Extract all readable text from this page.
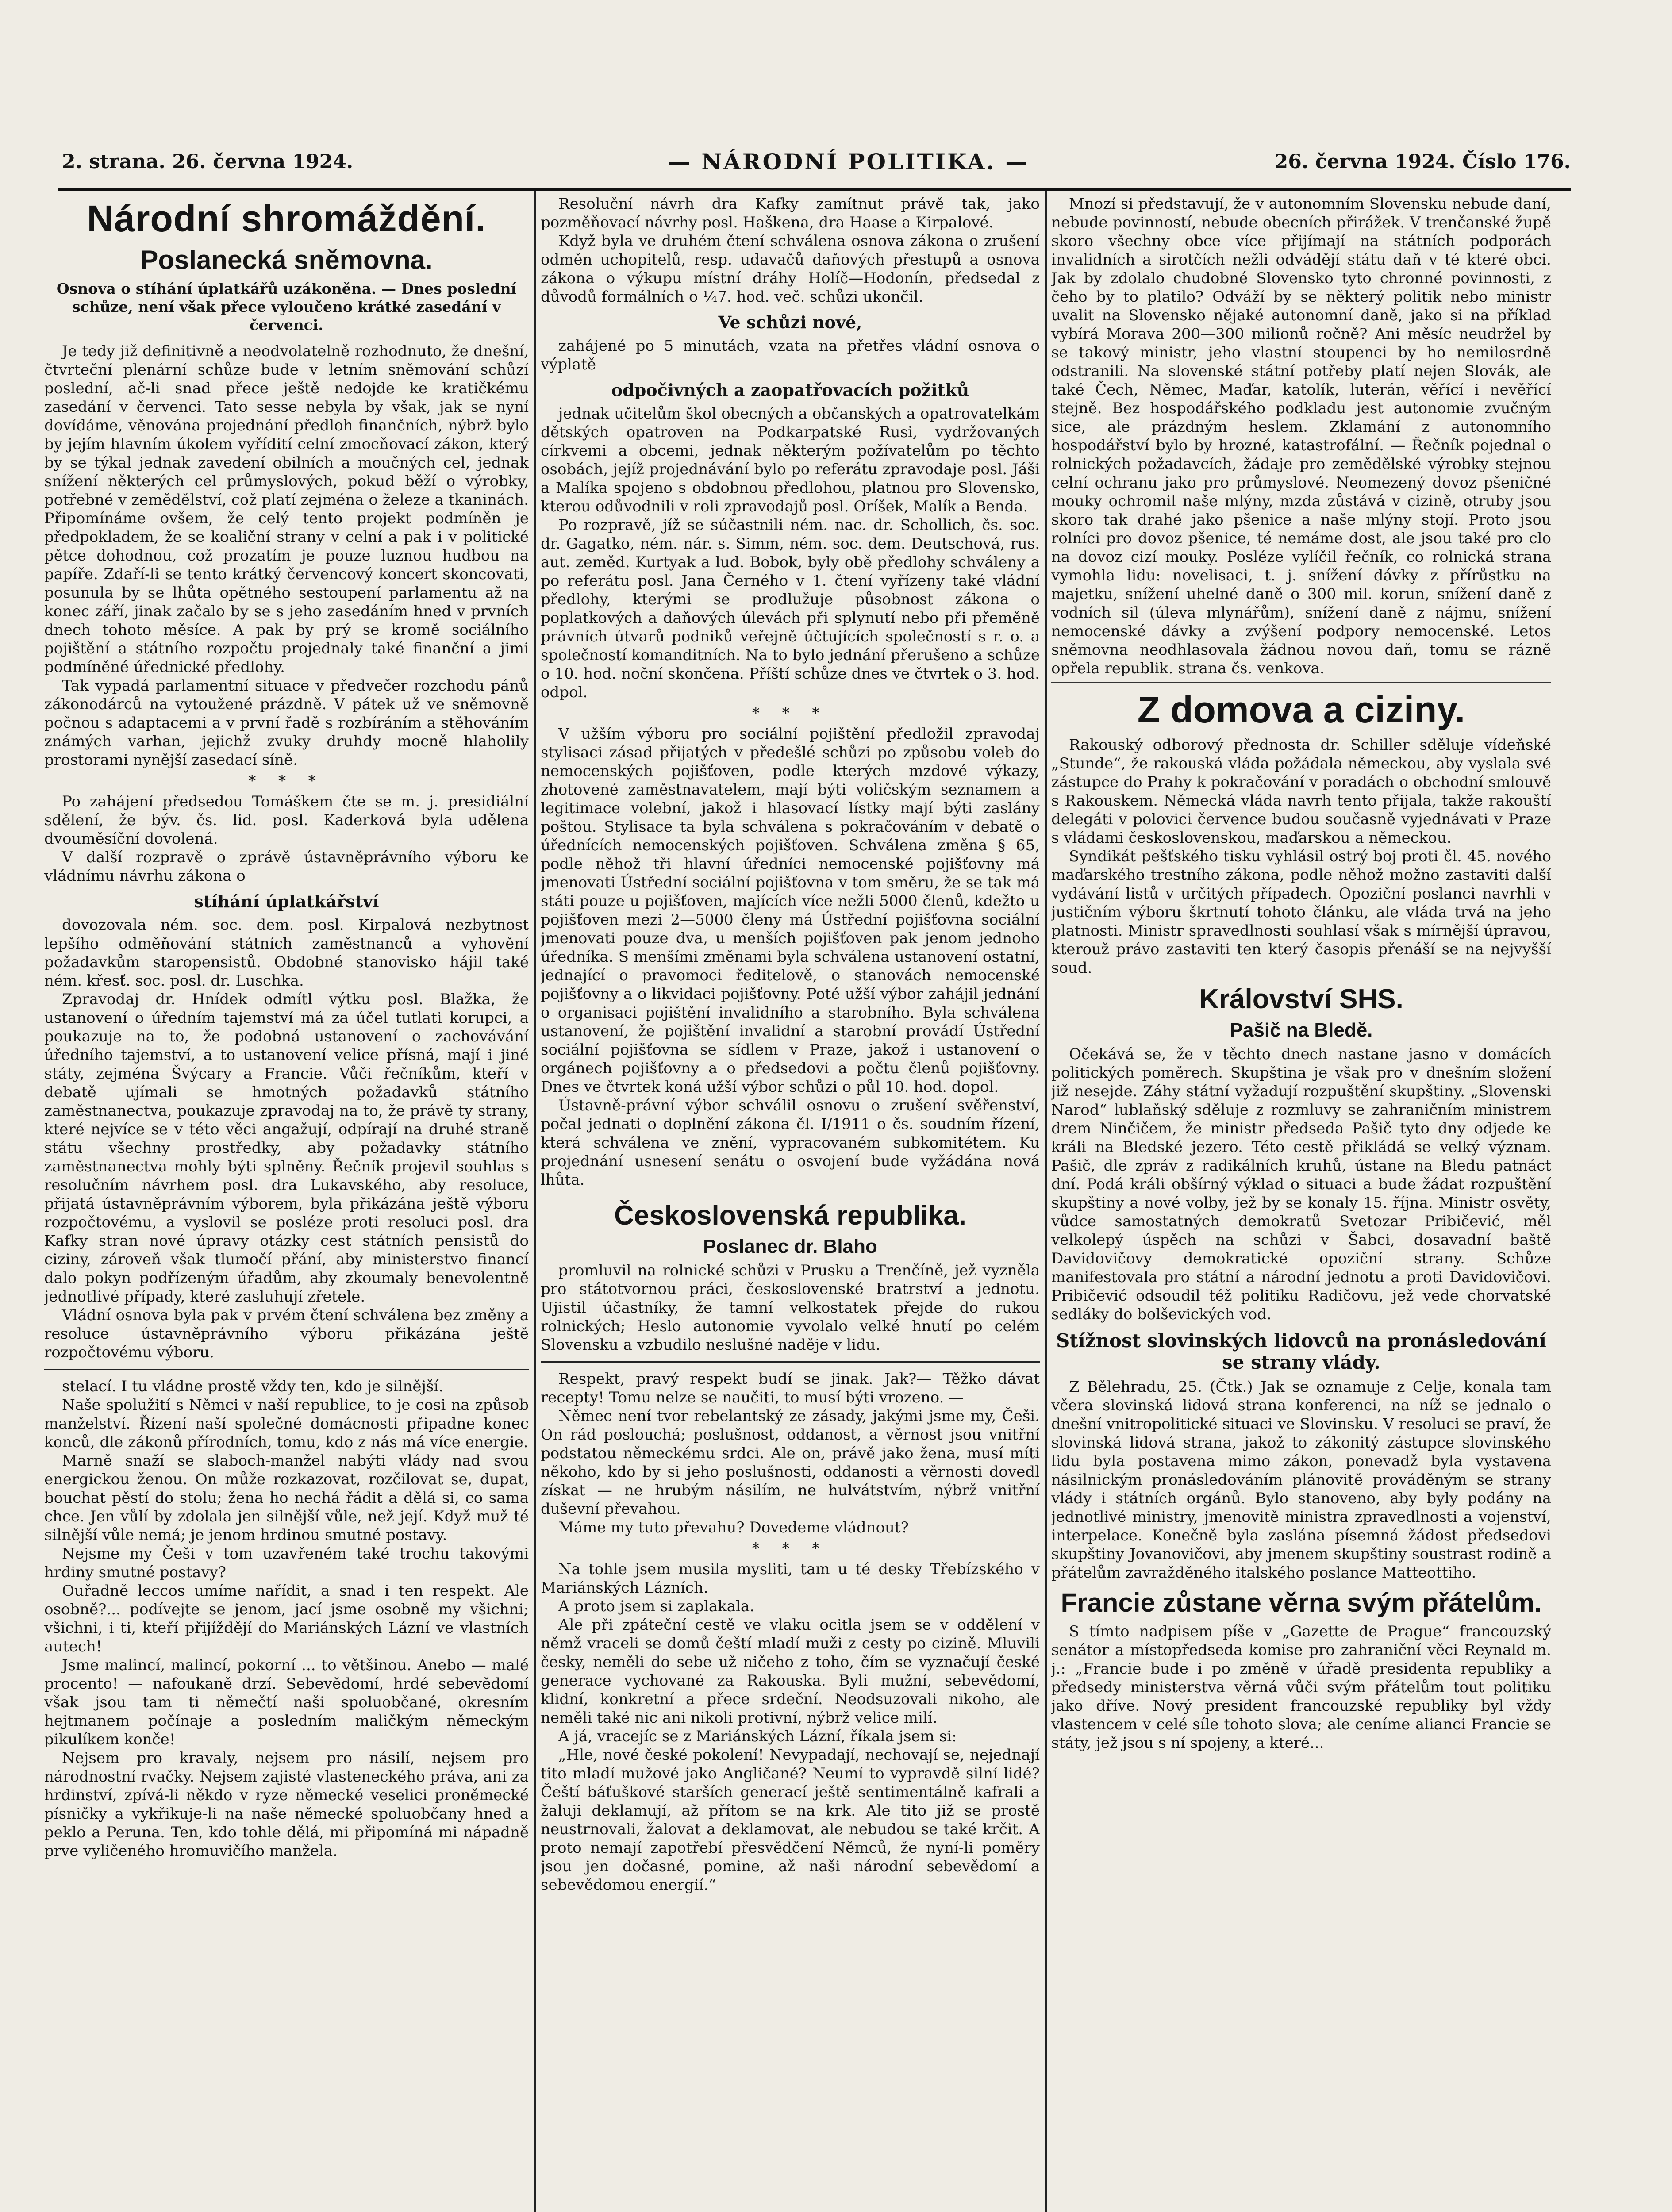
2. strana. 26. června 1924.	— NÁRODNÍ POLITIKA. —	26. června 1924. Číslo 176.
Národní shromáždění.
Poslanecká sněmovna.
Osnova o stíhání úplatkářů uzákoněna. — Dnes poslední schůze, není však přece vyloučeno krátké zasedání v červenci.

Je tedy již definitivně a neodvolatelně rozhodnuto, že dnešní, čtvrteční plenární schůze bude v letním sněmování schůzí poslední, ač-li snad přece ještě nedojde ke kratičkému zasedání v červenci. Tato sesse nebyla by však, jak se nyní dovídáme, věnována projednání předloh finančních, nýbrž bylo by jejím hlavním úkolem vyřídití celní zmocňovací zákon, který by se týkal jednak zavedení obilních a moučných cel, jednak snížení některých cel průmyslových, pokud běží o výrobky, potřebné v zemědělství, což platí zejména o železe a tkaninách. Připomínáme ovšem, že celý tento projekt podmíněn je předpokladem, že se koaliční strany v celní a pak i v politické pětce dohodnou, což prozatím je pouze luznou hudbou na papíře. Zdaří-li se tento krátký červencový koncert skoncovati, posunula by se lhůta opětného sestoupení parlamentu až na konec září, jinak začalo by se s jeho zasedáním hned v prvních dnech tohoto měsíce. A pak by prý se kromě sociálního pojištění a státního rozpočtu projednaly také finanční a jimi podmíněné úřednické předlohy.

Tak vypadá parlamentní situace v předvečer rozchodu pánů zákonodárců na vytoužené prázdně. V pátek už ve sněmovně počnou s adaptacemi a v první řadě s rozbíráním a stěhováním známých varhan, jejichž zvuky druhdy mocně hlaholily prostorami nynější zasedací síně.

* * *

Po zahájení předsedou Tomáškem čte se m. j. presidiální sdělení, že býv. čs. lid. posl. Kaderková byla udělena dvouměsíční dovolená.

V další rozpravě o zprávě ústavněprávního výboru ke vládnímu návrhu zákona o

stíhání úplatkářství

dovozovala ném. soc. dem. posl. Kirpalová nezbytnost lepšího odměňování státních zaměstnanců a vyhovění požadavkům staropensistů. Obdobné stanovisko hájil také ném. křesť. soc. posl. dr. Luschka.

Zpravodaj dr. Hnídek odmítl výtku posl. Blažka, že ustanovení o úředním tajemství má za účel tutlati korupci, a poukazuje na to, že podobná ustanovení o zachovávání úředního tajemství, a to ustanovení velice přísná, mají i jiné státy, zejména Švýcary a Francie. Vůči řečníkům, kteří v debatě ujímali se hmotných požadavků státního zaměstnanectva, poukazuje zpravodaj na to, že právě ty strany, které nejvíce se v této věci angažují, odpírají na druhé straně státu všechny prostředky, aby požadavky státního zaměstnanectva mohly býti splněny. Řečník projevil souhlas s resolučním návrhem posl. dra Lukavského, aby resoluce, přijatá ústavněprávním výborem, byla přikázána ještě výboru rozpočtovému, a vyslovil se posléze proti resoluci posl. dra Kafky stran nové úpravy otázky cest státních pensistů do ciziny, zároveň však tlumočí přání, aby ministerstvo financí dalo pokyn podřízeným úřadům, aby zkoumaly benevolentně jednotlivé případy, které zasluhují zřetele.

Vládní osnova byla pak v prvém čtení schválena bez změny a resoluce ústavněprávního výboru přikázána ještě rozpočtovému výboru.

stelací. I tu vládne prostě vždy ten, kdo je silnější.

Naše spolužití s Němci v naší republice, to je cosi na způsob manželství. Řízení naší společné domácnosti připadne konec konců, dle zákonů přírodních, tomu, kdo z nás má více energie.

Marně snaží se slaboch-manžel nabýti vlády nad svou energickou ženou. On může rozkazovat, rozčilovat se, dupat, bouchat pěstí do stolu; žena ho nechá řádit a dělá si, co sama chce. Jen vůlí by zdolala jen silnější vůle, než její. Když muž té silnější vůle nemá; je jenom hrdinou smutné postavy.

Nejsme my Češi v tom uzavřeném také trochu takovými hrdiny smutné postavy?

Ouřadně leccos umíme nařídit, a snad i ten respekt. Ale osobně?... podívejte se jenom, jací jsme osobně my všichni; všichni, i ti, kteří přijíždějí do Mariánských Lázní ve vlastních autech!

Jsme malincí, malincí, pokorní ... to většinou. Anebo — malé procento! — nafoukaně drzí. Sebevědomí, hrdé sebevědomí však jsou tam ti němečtí naši spoluobčané, okresním hejtmanem počínaje a posledním maličkým německým pikulíkem konče!

Nejsem pro kravaly, nejsem pro násilí, nejsem pro národnostní rvačky. Nejsem zajisté vlasteneckého práva, ani za hrdinství, zpívá-li někdo v ryze německé veselici proněmecké písničky a vykřikuje-li na naše německé spoluobčany hned a peklo a Peruna. Ten, kdo tohle dělá, mi připomíná mi nápadně prve vyličeného hromuvičího manžela.

Resoluční návrh dra Kafky zamítnut právě tak, jako pozměňovací návrhy posl. Haškena, dra Haase a Kirpalové.

Když byla ve druhém čtení schválena osnova zákona o zrušení odměn uchopitelů, resp. udavačů daňových přestupů a osnova zákona o výkupu místní dráhy Holíč—Hodonín, předsedal z důvodů formálních o ¼7. hod. več. schůzi ukončil.

Ve schůzi nové,

zahájené po 5 minutách, vzata na přetřes vládní osnova o výplatě

odpočivných a zaopatřovacích požitků

jednak učitelům škol obecných a občanských a opatrovatelkám dětských opatroven na Podkarpatské Rusi, vydržovaných církvemi a obcemi, jednak některým požívatelům po těchto osobách, jejíž projednávání bylo po referátu zpravodaje posl. Jáši a Malíka spojeno s obdobnou předlohou, platnou pro Slovensko, kterou odůvodnili v roli zpravodajů posl. Oríšek, Malík a Benda.

Po rozpravě, jíž se súčastnili ném. nac. dr. Schollich, čs. soc. dr. Gagatko, ném. nár. s. Simm, ném. soc. dem. Deutschová, rus. aut. zeměd. Kurtyak a lud. Bobok, byly obě předlohy schváleny a po referátu posl. Jana Černého v 1. čtení vyřízeny také vládní předlohy, kterými se prodlužuje působnost zákona o poplatkových a daňových úlevách při splynutí nebo při přeměně právních útvarů podniků veřejně účtujících společností s r. o. a společností komanditních. Na to bylo jednání přerušeno a schůze o 10. hod. noční skončena. Příští schůze dnes ve čtvrtek o 3. hod. odpol.

* * *

V užším výboru pro sociální pojištění předložil zpravodaj stylisaci zásad přijatých v předešlé schůzi po způsobu voleb do nemocenských pojišťoven, podle kterých mzdové výkazy, zhotovené zaměstnavatelem, mají býti voličským seznamem a legitimace volební, jakož i hlasovací lístky mají býti zaslány poštou. Stylisace ta byla schválena s pokračováním v debatě o úřednících nemocenských pojišťoven. Schválena změna § 65, podle něhož tři hlavní úředníci nemocenské pojišťovny má jmenovati Ústřední sociální pojišťovna v tom směru, že se tak má státi pouze u pojišťoven, majících více nežli 5000 členů, kdežto u pojišťoven mezi 2—5000 členy má Ústřední pojišťovna sociální jmenovati pouze dva, u menších pojišťoven pak jenom jednoho úředníka. S menšími změnami byla schválena ustanovení ostatní, jednající o pravomoci ředitelově, o stanovách nemocenské pojišťovny a o likvidaci pojišťovny. Poté užší výbor zahájil jednání o organisaci pojištění invalidního a starobního. Byla schválena ustanovení, že pojištění invalidní a starobní provádí Ústřední sociální pojišťovna se sídlem v Praze, jakož i ustanovení o orgánech pojišťovny a o předsedovi a počtu členů pojišťovny. Dnes ve čtvrtek koná užší výbor schůzi o půl 10. hod. dopol.

Ústavně-právní výbor schválil osnovu o zrušení svěřenství, počal jednati o doplnění zákona čl. I/1911 o čs. soudním řízení, která schválena ve znění, vypracovaném subkomitétem. Ku projednání usnesení senátu o osvojení bude vyžádána nová lhůta.

Československá republika.
Poslanec dr. Blaho

promluvil na rolnické schůzi v Prusku a Trenčíně, jež vyzněla pro státotvornou práci, československé bratrství a jednotu. Ujistil účastníky, že tamní velkostatek přejde do rukou rolnických; Heslo autonomie vyvolalo velké hnutí po celém Slovensku a vzbudilo neslušné naděje v lidu.

Respekt, pravý respekt budí se jinak. Jak?— Těžko dávat recepty! Tomu nelze se naučiti, to musí býti vrozeno. —

Němec není tvor rebelantský ze zásady, jakými jsme my, Češi. On rád poslouchá; poslušnost, oddanost, a věrnost jsou vnitřní podstatou německému srdci. Ale on, právě jako žena, musí míti někoho, kdo by si jeho poslušnosti, oddanosti a věrnosti dovedl získat — ne hrubým násilím, ne hulvátstvím, nýbrž vnitřní duševní převahou.

Máme my tuto převahu? Dovedeme vládnout?

* * *

Na tohle jsem musila mysliti, tam u té desky Třebízského v Mariánských Lázních.

A proto jsem si zaplakala.

Ale při zpáteční cestě ve vlaku ocitla jsem se v oddělení v němž vraceli se domů čeští mladí muži z cesty po cizině. Mluvili česky, neměli do sebe už ničeho z toho, čím se vyznačují české generace vychované za Rakouska. Byli mužní, sebevědomí, klidní, konkretní a přece srdeční. Neodsuzovali nikoho, ale neměli také nic ani nikoli protivní, nýbrž velice milí.

A já, vracejíc se z Mariánských Lázní, říkala jsem si:

„Hle, nové české pokolení! Nevypadají, nechovají se, nejednají tito mladí mužové jako Angličané? Neumí to vypravdě silní lidé? Čeští báťuškové starších generací ještě sentimentálně kafrali a žaluji deklamují, až přítom se na krk. Ale tito již se prostě neustrnovali, žalovat a deklamovat, ale nebudou se také krčit. A proto nemají zapotřebí přesvědčení Němců, že nyní-li poměry jsou jen dočasné, pomine, až naši národní sebevědomí a sebevědomou energií.“

Mnozí si představují, že v autonomním Slovensku nebude daní, nebude povinností, nebude obecních přirážek. V trenčanské župě skoro všechny obce více přijímají na státních podporách invalidních a sirotčích nežli odvádějí státu daň v té které obci. Jak by zdolalo chudobné Slovensko tyto chronné povinnosti, z čeho by to platilo? Odváží by se některý politik nebo ministr uvalit na Slovensko nějaké autonomní daně, jako si na příklad vybírá Morava 200—300 milionů ročně? Ani měsíc neudržel by se takový ministr, jeho vlastní stoupenci by ho nemilosrdně odstranili. Na slovenské státní potřeby platí nejen Slovák, ale také Čech, Němec, Maďar, katolík, luterán, věřící i nevěřící stejně. Bez hospodářského podkladu jest autonomie zvučným sice, ale prázdným heslem. Zklamání z autonomního hospodářství bylo by hrozné, katastrofální. — Řečník pojednal o rolnických požadavcích, žádaje pro zemědělské výrobky stejnou celní ochranu jako pro průmyslové. Neomezený dovoz pšeničné mouky ochromil naše mlýny, mzda zůstává v cizině, otruby jsou skoro tak drahé jako pšenice a naše mlýny stojí. Proto jsou rolníci pro dovoz pšenice, té nemáme dost, ale jsou také pro clo na dovoz cizí mouky. Posléze vylíčil řečník, co rolnická strana vymohla lidu: novelisaci, t. j. snížení dávky z přírůstku na majetku, snížení uhelné daně o 300 mil. korun, snížení daně z vodních sil (úleva mlynářům), snížení daně z nájmu, snížení nemocenské dávky a zvýšení podpory nemocenské. Letos sněmovna neodhlasovala žádnou novou daň, tomu se rázně opřela republik. strana čs. venkova.

Z domova a ciziny.

Rakouský odborový přednosta dr. Schiller sděluje vídeňské „Stunde“, že rakouská vláda požádala německou, aby vyslala své zástupce do Prahy k pokračování v poradách o obchodní smlouvě s Rakouskem. Německá vláda navrh tento přijala, takže rakouští delegáti v polovici července budou současně vyjednávati v Praze s vládami československou, maďarskou a německou.

Syndikát pešťského tisku vyhlásil ostrý boj proti čl. 45. nového maďarského trestního zákona, podle něhož možno zastaviti další vydávání listů v určitých případech. Opoziční poslanci navrhli v justičním výboru škrtnutí tohoto článku, ale vláda trvá na jeho platnosti. Ministr spravedlnosti souhlasí však s mírnější úpravou, kterouž právo zastaviti ten který časopis přenáší se na nejvyšší soud.

Království SHS.
Pašič na Bledě.

Očekává se, že v těchto dnech nastane jasno v domácích politických poměrech. Skupština je však pro v dnešním složení již nesejde. Záhy státní vyžadují rozpuštění skupštiny. „Slovenski Narod“ lublaňský sděluje z rozmluvy se zahraničním ministrem drem Ninčičem, že ministr předseda Pašič tyto dny odjede ke králi na Bledské jezero. Této cestě přikládá se velký význam. Pašič, dle zpráv z radikálních kruhů, ústane na Bledu patnáct dní. Podá králi obšírný výklad o situaci a bude žádat rozpuštění skupštiny a nové volby, jež by se konaly 15. října. Ministr osvěty, vůdce samostatných demokratů Svetozar Pribičević, měl velkolepý úspěch na schůzi v Šabci, dosavadní baště Davidovičovy demokratické opoziční strany. Schůze manifestovala pro státní a národní jednotu a proti Davidovičovi. Pribičević odsoudil též politiku Radičovu, jež vede chorvatské sedláky do bolševických vod.

Stížnost slovinských lidovců na pronásledování se strany vlády.

Z Bělehradu, 25. (Čtk.) Jak se oznamuje z Celje, konala tam včera slovinská lidová strana konferenci, na níž se jednalo o dnešní vnitropolitické situaci ve Slovinsku. V resoluci se praví, že slovinská lidová strana, jakož to zákonitý zástupce slovinského lidu byla postavena mimo zákon, ponevadž byla vystavena násilnickým pronásledováním plánovitě prováděným se strany vlády i státních orgánů. Bylo stanoveno, aby byly podány na jednotlivé ministry, jmenovitě ministra zpravedlnosti a vojenství, interpelace. Konečně byla zaslána písemná žádost předsedovi skupštiny Jovanovičovi, aby jmenem skupštiny soustrast rodině a přátelům zavražděného italského poslance Matteottiho.

Francie zůstane věrna svým přátelům.

S tímto nadpisem píše v „Gazette de Prague“ francouzský senátor a místopředseda komise pro zahraniční věci Reynald m. j.: „Francie bude i po změně v úřadě presidenta republiky a předsedy ministerstva věrná vůči svým přátelům tout politiku jako dříve. Nový president francouzské republiky byl vždy vlastencem v celé síle tohoto slova; ale ceníme alianci Francie se státy, jež jsou s ní spojeny, a které...
